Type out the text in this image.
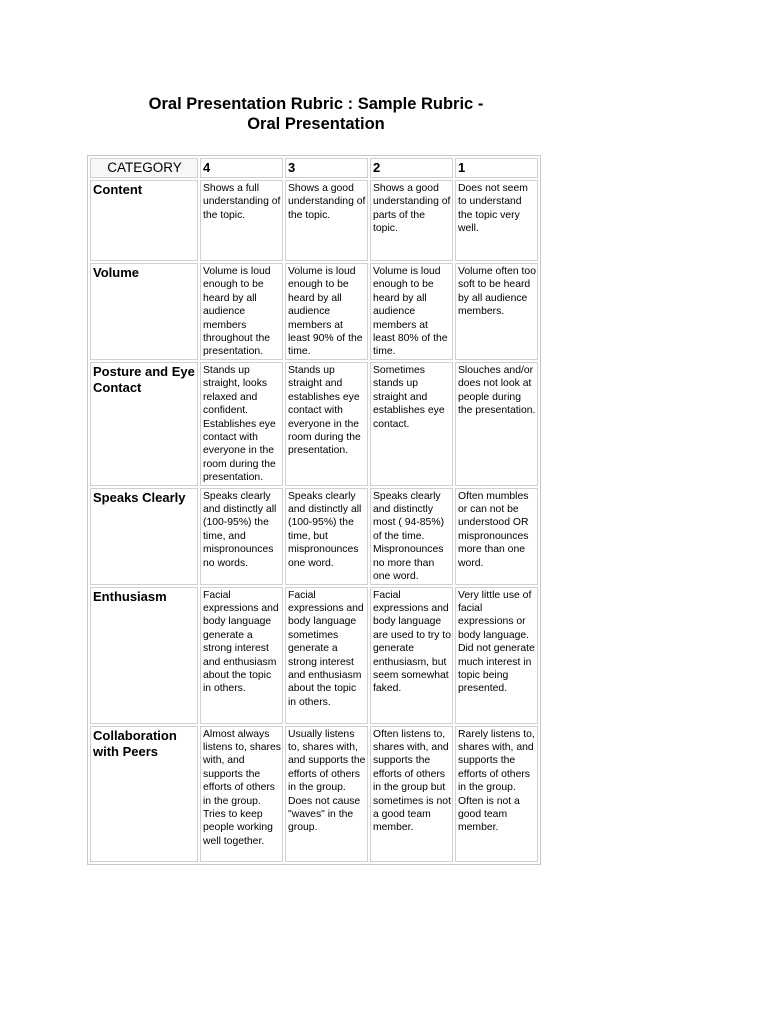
Oral Presentation Rubric : Sample Rubric -
Oral Presentation
CATEGORY	4	3	2	1
Content	Shows a full understanding of the topic.	Shows a good understanding of the topic.	Shows a good understanding of parts of the topic.	Does not seem to understand the topic very well.
Volume	Volume is loud enough to be heard by all audience members throughout the presentation.	Volume is loud enough to be heard by all audience members at least 90% of the time.	Volume is loud enough to be heard by all audience members at least 80% of the time.	Volume often too soft to be heard by all audience members.
Posture and Eye Contact	Stands up straight, looks relaxed and confident. Establishes eye contact with everyone in the room during the presentation.	Stands up straight and establishes eye contact with everyone in the room during the presentation.	Sometimes stands up straight and establishes eye contact.	Slouches and/or does not look at people during the presentation.
Speaks Clearly	Speaks clearly and distinctly all (100-95%) the time, and mispronounces no words.	Speaks clearly and distinctly all (100-95%) the time, but mispronounces one word.	Speaks clearly and distinctly most ( 94-85%) of the time. Mispronounces no more than one word.	Often mumbles or can not be understood OR mispronounces more than one word.
Enthusiasm	Facial expressions and body language generate a strong interest and enthusiasm about the topic in others.	Facial expressions and body language sometimes generate a strong interest and enthusiasm about the topic in others.	Facial expressions and body language are used to try to generate enthusiasm, but seem somewhat faked.	Very little use of facial expressions or body language. Did not generate much interest in topic being presented.
Collaboration with Peers	Almost always listens to, shares with, and supports the efforts of others in the group. Tries to keep people working well together.	Usually listens to, shares with, and supports the efforts of others in the group. Does not cause "waves" in the group.	Often listens to, shares with, and supports the efforts of others in the group but sometimes is not a good team member.	Rarely listens to, shares with, and supports the efforts of others in the group. Often is not a good team member.
